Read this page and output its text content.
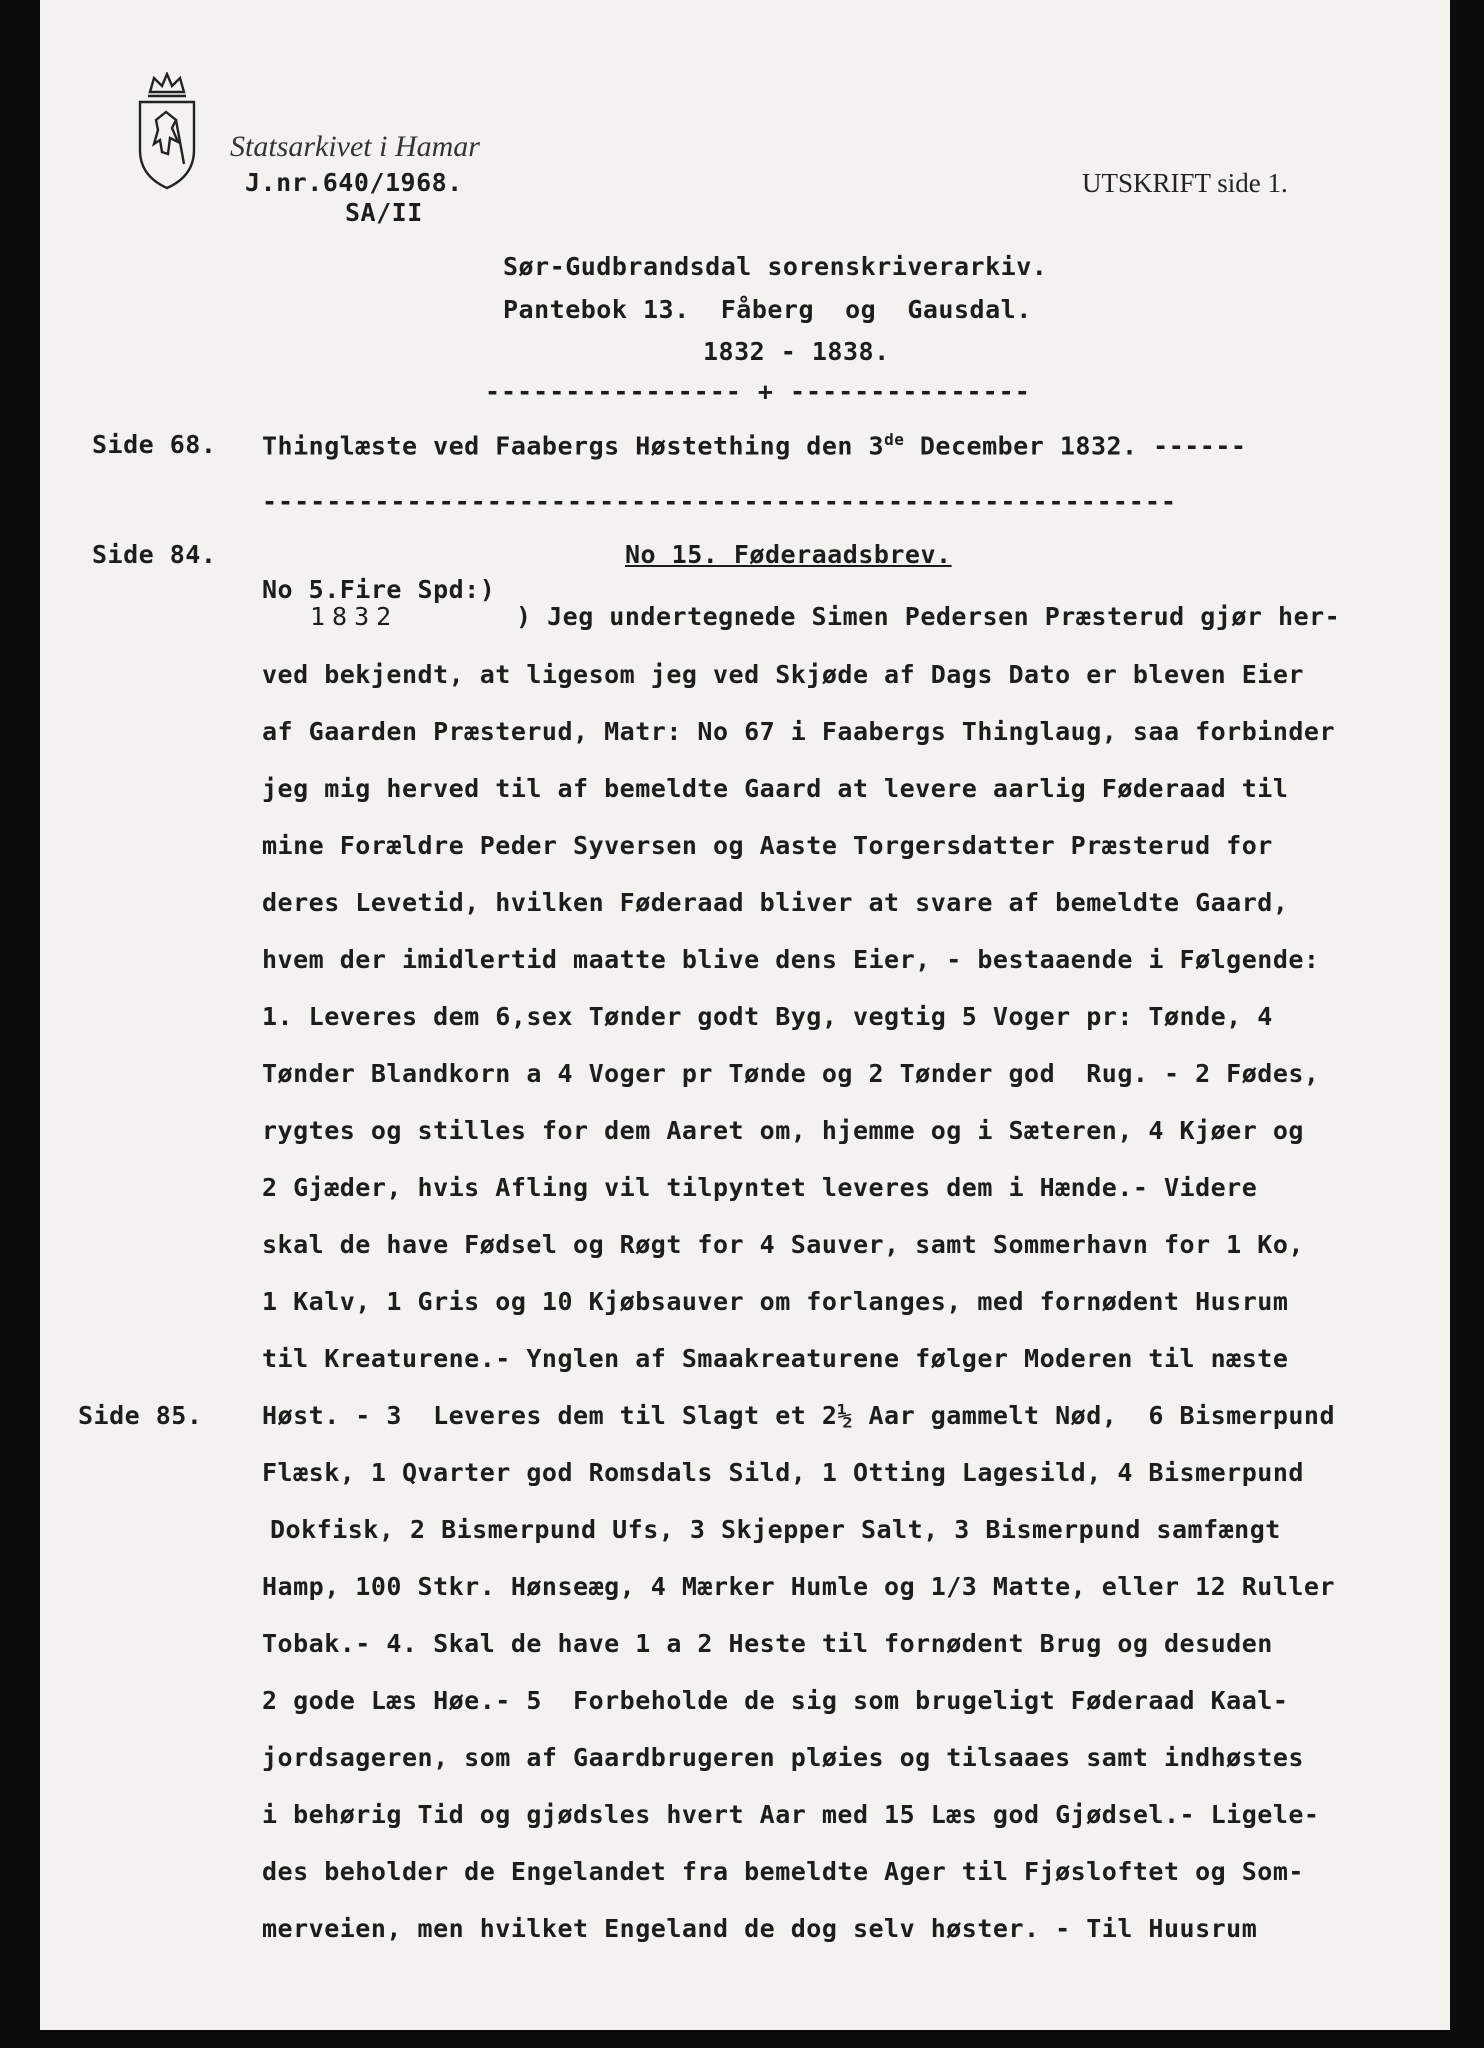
Statsarkivet i Hamar
J.nr.640/1968.
SA/II
UTSKRIFT side 1.
Sør-Gudbrandsdal sorenskriverarkiv.
Pantebok 13.  Fåberg  og  Gausdal.
1832 - 1838.
---------------- + ---------------
Side 68. Thinglæste ved Faabergs Høstething den 3de December 1832. ------
---------------------------------------------------------
Side 84.	No 15. Føderaadsbrev.
No 5.Fire Spd:)
1832	) Jeg undertegnede Simen Pedersen Præsterud gjør her-
ved bekjendt, at ligesom jeg ved Skjøde af Dags Dato er bleven Eier
af Gaarden Præsterud, Matr: No 67 i Faabergs Thinglaug, saa forbinder
jeg mig herved til af bemeldte Gaard at levere aarlig Føderaad til
mine Forældre Peder Syversen og Aaste Torgersdatter Præsterud for
deres Levetid, hvilken Føderaad bliver at svare af bemeldte Gaard,
hvem der imidlertid maatte blive dens Eier, - bestaaende i Følgende:
1. Leveres dem 6,sex Tønder godt Byg, vegtig 5 Voger pr: Tønde, 4
Tønder Blandkorn a 4 Voger pr Tønde og 2 Tønder god  Rug. - 2 Fødes,
rygtes og stilles for dem Aaret om, hjemme og i Sæteren, 4 Kjøer og
2 Gjæder, hvis Afling vil tilpyntet leveres dem i Hænde.- Videre
skal de have Fødsel og Røgt for 4 Sauver, samt Sommerhavn for 1 Ko,
1 Kalv, 1 Gris og 10 Kjøbsauver om forlanges, med fornødent Husrum
til Kreaturene.- Ynglen af Smaakreaturene følger Moderen til næste
Side 85. Høst. - 3  Leveres dem til Slagt et 2½ Aar gammelt Nød,  6 Bismerpund
Flæsk, 1 Qvarter god Romsdals Sild, 1 Otting Lagesild, 4 Bismerpund
Dokfisk, 2 Bismerpund Ufs, 3 Skjepper Salt, 3 Bismerpund samfængt
Hamp, 100 Stkr. Hønseæg, 4 Mærker Humle og 1/3 Matte, eller 12 Ruller
Tobak.- 4. Skal de have 1 a 2 Heste til fornødent Brug og desuden
2 gode Læs Høe.- 5  Forbeholde de sig som brugeligt Føderaad Kaal-
jordsageren, som af Gaardbrugeren pløies og tilsaaes samt indhøstes
i behørig Tid og gjødsles hvert Aar med 15 Læs god Gjødsel.- Ligele-
des beholder de Engelandet fra bemeldte Ager til Fjøsloftet og Som-
merveien, men hvilket Engeland de dog selv høster. - Til Huusrum
